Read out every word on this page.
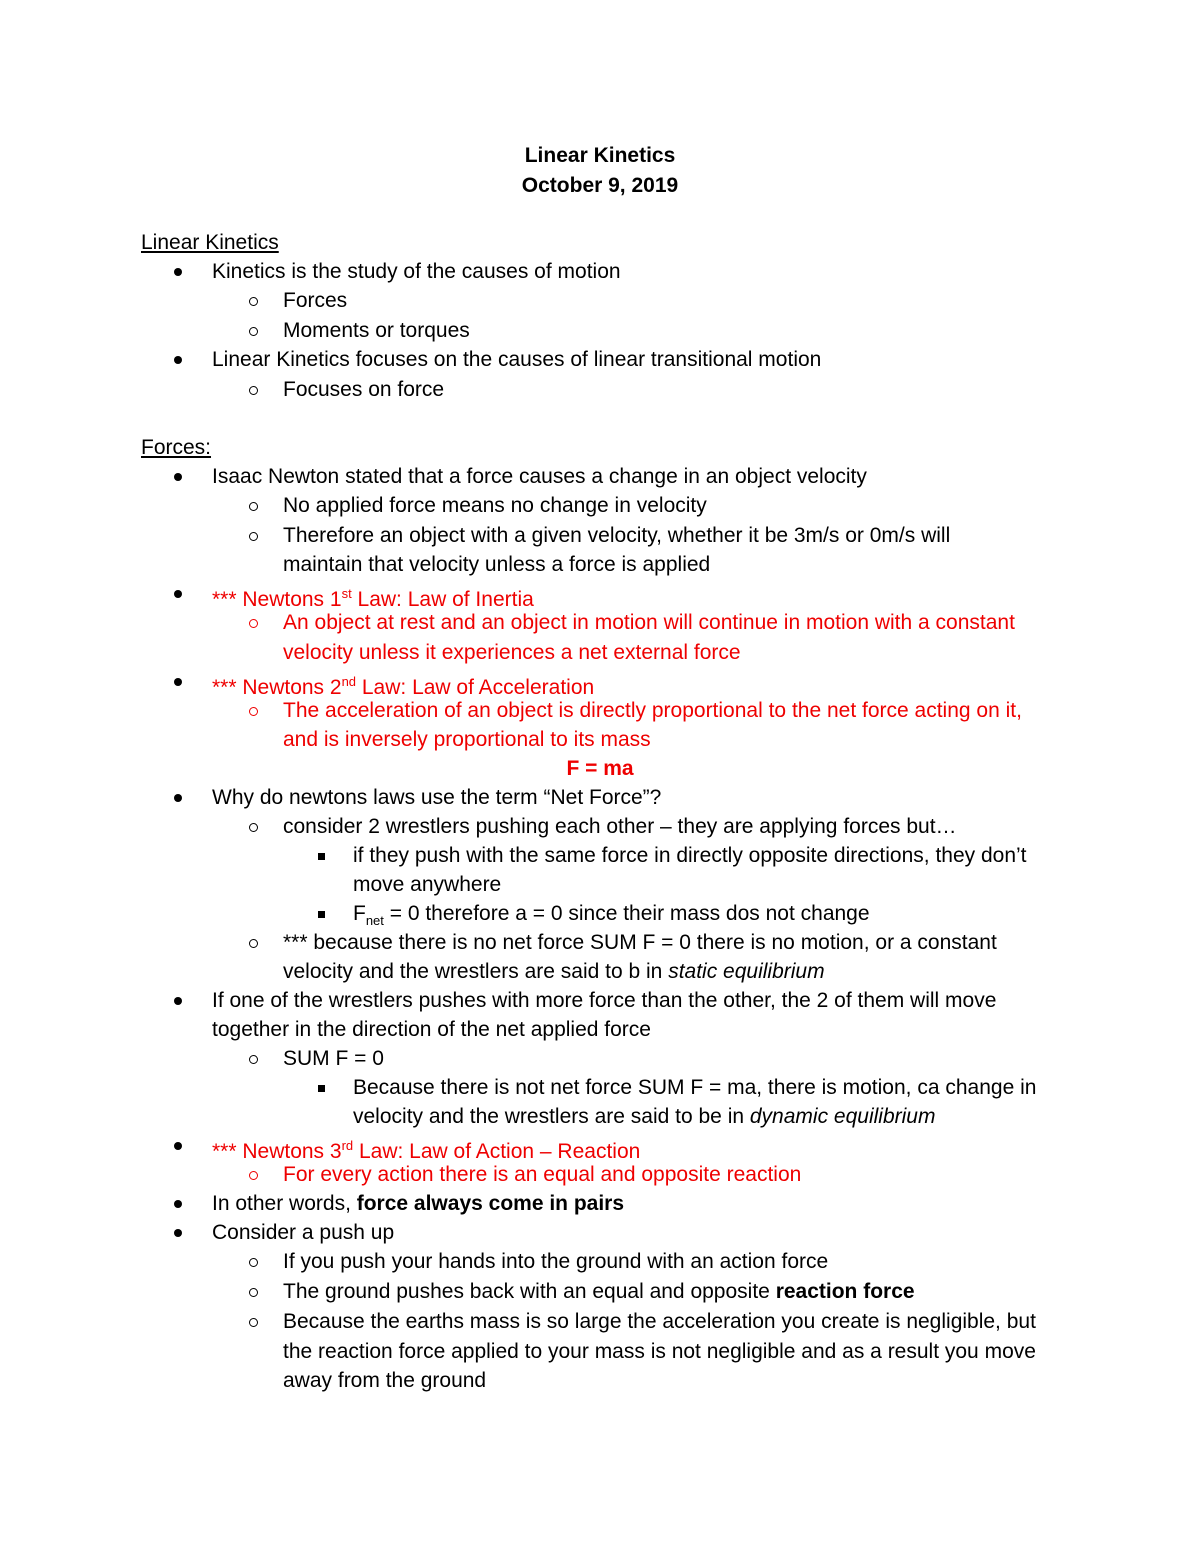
Linear Kinetics
October 9, 2019
Linear Kinetics
Kinetics is the study of the causes of motion
Forces
Moments or torques
Linear Kinetics focuses on the causes of linear transitional motion
Focuses on force
Forces:
Isaac Newton stated that a force causes a change in an object velocity
No applied force means no change in velocity
Therefore an object with a given velocity, whether it be 3m/s or 0m/s will
maintain that velocity unless a force is applied
*** Newtons 1st Law: Law of Inertia
An object at rest and an object in motion will continue in motion with a constant
velocity unless it experiences a net external force
*** Newtons 2nd Law: Law of Acceleration
The acceleration of an object is directly proportional to the net force acting on it,
and is inversely proportional to its mass
F = ma
Why do newtons laws use the term “Net Force”?
consider 2 wrestlers pushing each other – they are applying forces but…
if they push with the same force in directly opposite directions, they don’t
move anywhere
$F_{net} = 0$ therefore a = 0 since their mass dos not change
*** because there is no net force SUM F = 0 there is no motion, or a constant
velocity and the wrestlers are said to b in static equilibrium
If one of the wrestlers pushes with more force than the other, the 2 of them will move
together in the direction of the net applied force
SUM F = 0
Because there is not net force SUM F = ma, there is motion, ca change in
velocity and the wrestlers are said to be in dynamic equilibrium
*** Newtons 3rd Law: Law of Action – Reaction
For every action there is an equal and opposite reaction
In other words, force always come in pairs
Consider a push up
If you push your hands into the ground with an action force
The ground pushes back with an equal and opposite reaction force
Because the earths mass is so large the acceleration you create is negligible, but
the reaction force applied to your mass is not negligible and as a result you move
away from the ground
